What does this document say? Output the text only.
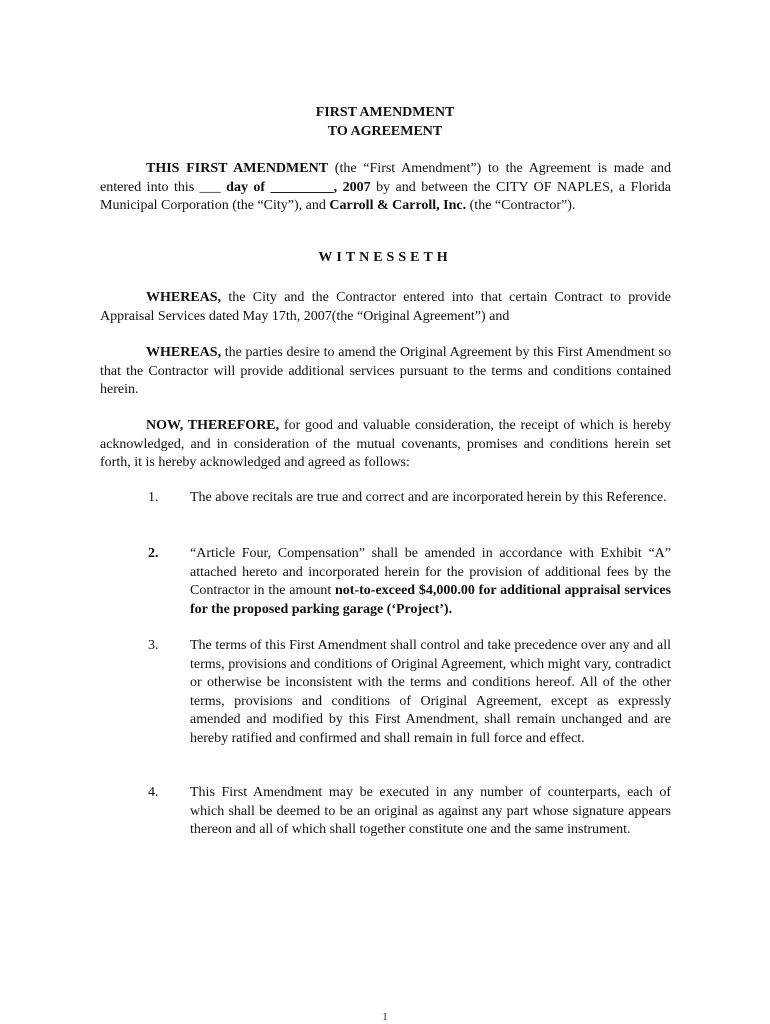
FIRST AMENDMENT
TO AGREEMENT

THIS FIRST AMENDMENT (the “First Amendment”) to the Agreement is made and entered into this ___ day of _________, 2007 by and between the CITY OF NAPLES, a Florida Municipal Corporation (the “City”), and Carroll & Carroll, Inc. (the “Contractor”).

WITNESSETH

WHEREAS, the City and the Contractor entered into that certain Contract to provide Appraisal Services dated May 17th, 2007(the “Original Agreement”) and

WHEREAS, the parties desire to amend the Original Agreement by this First Amendment so that the Contractor will provide additional services pursuant to the terms and conditions contained herein.

NOW, THEREFORE, for good and valuable consideration, the receipt of which is hereby acknowledged, and in consideration of the mutual covenants, promises and conditions herein set forth, it is hereby acknowledged and agreed as follows:

1.	The above recitals are true and correct and are incorporated herein by this Reference.
2.	“Article Four, Compensation” shall be amended in accordance with Exhibit “A” attached hereto and incorporated herein for the provision of additional fees by the Contractor in the amount not-to-exceed $4,000.00 for additional appraisal services for the proposed parking garage (‘Project’).
3.	The terms of this First Amendment shall control and take precedence over any and all terms, provisions and conditions of Original Agreement, which might vary, contradict or otherwise be inconsistent with the terms and conditions hereof. All of the other terms, provisions and conditions of Original Agreement, except as expressly amended and modified by this First Amendment, shall remain unchanged and are hereby ratified and confirmed and shall remain in full force and effect.
4.	This First Amendment may be executed in any number of counterparts, each of which shall be deemed to be an original as against any part whose signature appears thereon and all of which shall together constitute one and the same instrument.
1
